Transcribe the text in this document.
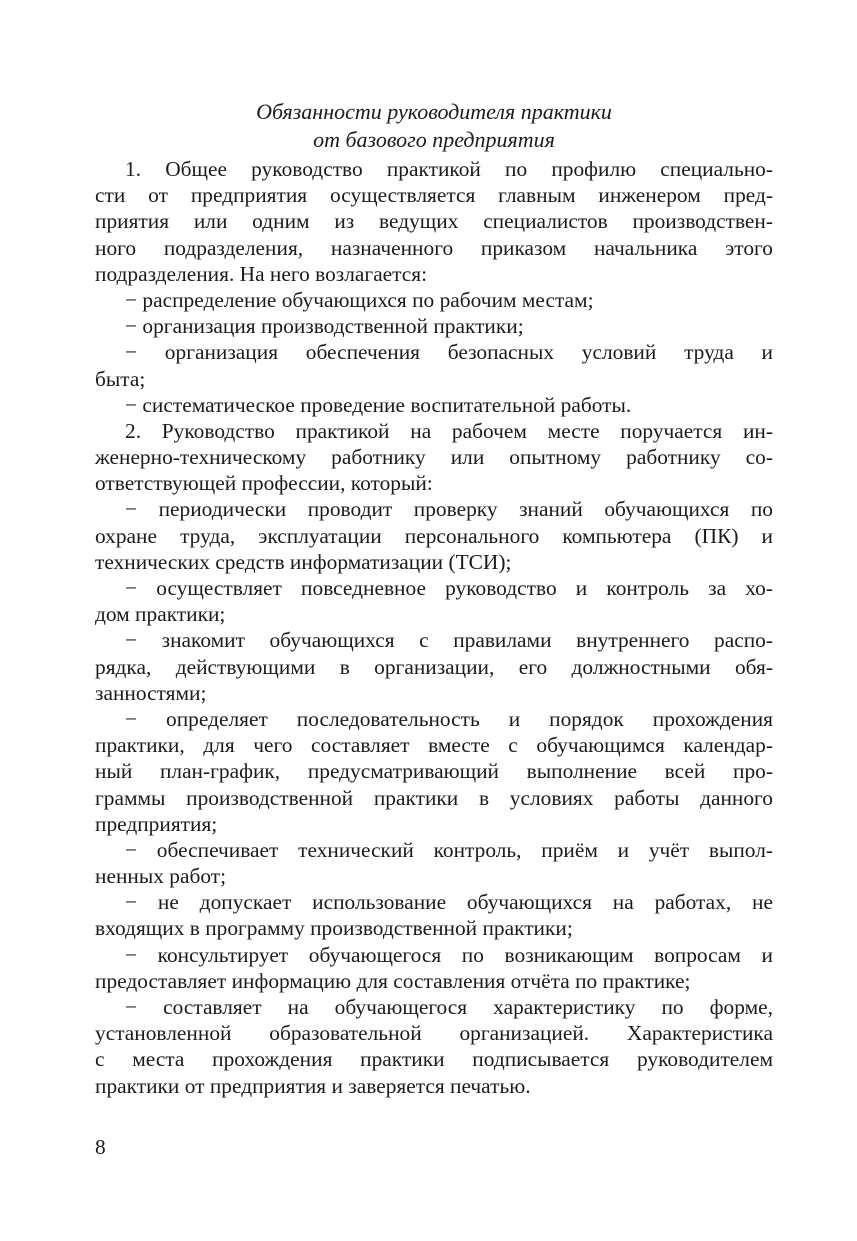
Обязанности руководителя практики
от базового предприятия
1. Общее руководство практикой по профилю специально-
сти от предприятия осуществляется главным инженером пред-
приятия или одним из ведущих специалистов производствен-
ного подразделения, назначенного приказом начальника этого
подразделения. На него возлагается:
− распределение обучающихся по рабочим местам;
− организация производственной практики;
− организация обеспечения безопасных условий труда и
быта;
− систематическое проведение воспитательной работы.
2. Руководство практикой на рабочем месте поручается ин-
женерно-техническому работнику или опытному работнику со-
ответствующей профессии, который:
− периодически проводит проверку знаний обучающихся по
охране труда, эксплуатации персонального компьютера (ПК) и
технических средств информатизации (ТСИ);
− осуществляет повседневное руководство и контроль за хо-
дом практики;
− знакомит обучающихся с правилами внутреннего распо-
рядка, действующими в организации, его должностными обя-
занностями;
− определяет последовательность и порядок прохождения
практики, для чего составляет вместе с обучающимся календар-
ный план-график, предусматривающий выполнение всей про-
граммы производственной практики в условиях работы данного
предприятия;
− обеспечивает технический контроль, приём и учёт выпол-
ненных работ;
− не допускает использование обучающихся на работах, не
входящих в программу производственной практики;
− консультирует обучающегося по возникающим вопросам и
предоставляет информацию для составления отчёта по практике;
− составляет на обучающегося характеристику по форме,
установленной образовательной организацией. Характеристика
с места прохождения практики подписывается руководителем
практики от предприятия и заверяется печатью.
8
